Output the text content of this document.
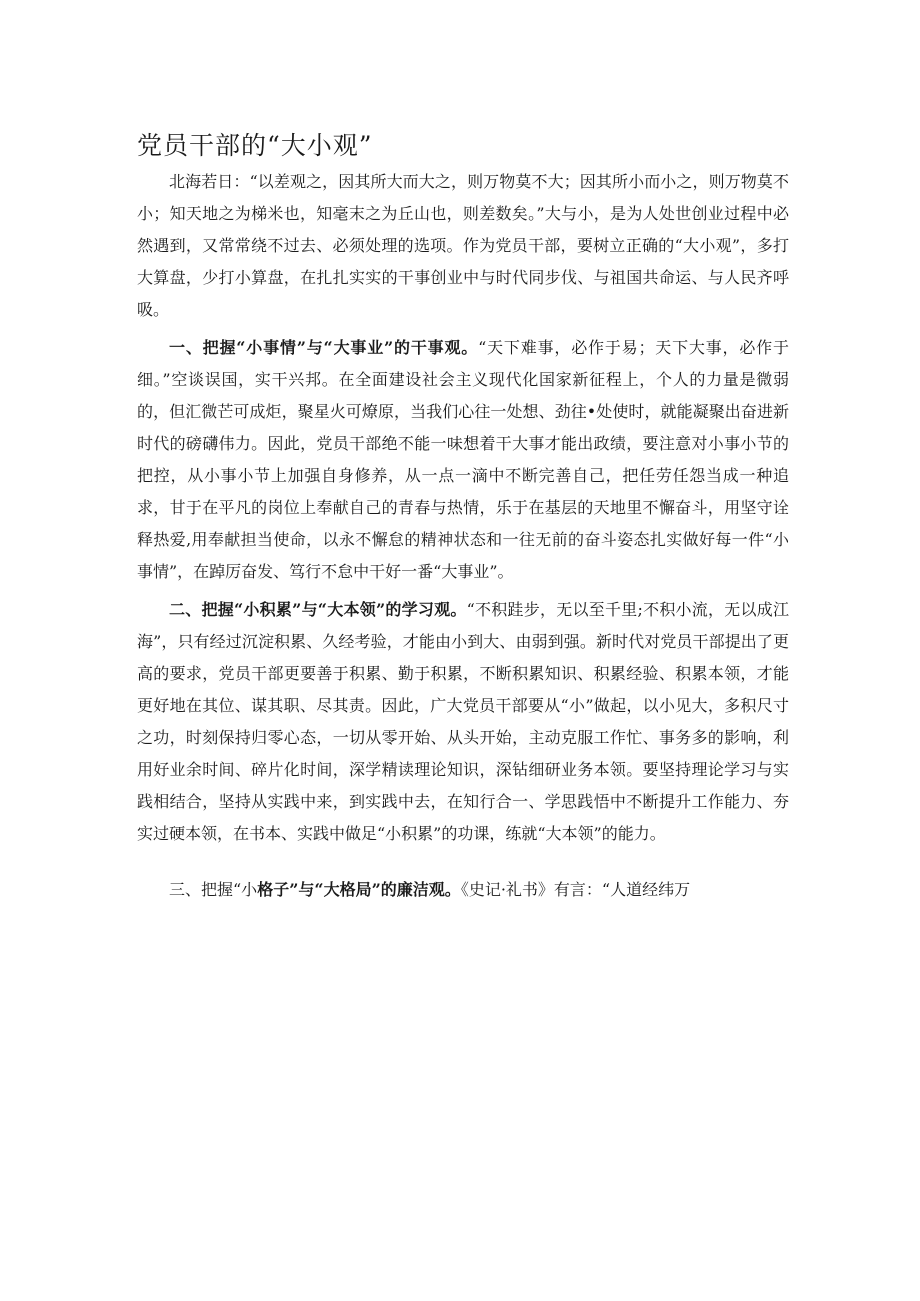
党员干部的“大小观”

北海若日：“以差观之，因其所大而大之，则万物莫不大；因其所小而小之，则万物莫不小；知天地之为梯米也，知毫末之为丘山也，则差数矣。”大与小，是为人处世创业过程中必然遇到，又常常绕不过去、必须处理的选项。作为党员干部，要树立正确的“大小观”，多打大算盘，少打小算盘，在扎扎实实的干事创业中与时代同步伐、与祖国共命运、与人民齐呼吸。

一、把握“小事情”与“大事业”的干事观。“天下难事，必作于易；天下大事，必作于细。”空谈误国，实干兴邦。在全面建设社会主义现代化国家新征程上，个人的力量是微弱的，但汇微芒可成炬，聚星火可燎原，当我们心往一处想、劲往•处使时，就能凝聚出奋进新时代的磅礴伟力。因此，党员干部绝不能一味想着干大事才能出政绩，要注意对小事小节的把控，从小事小节上加强自身修养，从一点一滴中不断完善自己，把任劳任怨当成一种追求，甘于在平凡的岗位上奉献自己的青春与热情，乐于在基层的天地里不懈奋斗，用坚守诠释热爱,用奉献担当使命，以永不懈怠的精神状态和一往无前的奋斗姿态扎实做好每一件“小事情”，在踔厉奋发、笃行不怠中干好一番“大事业”。

二、把握“小积累”与“大本领”的学习观。“不积跬步，无以至千里;不积小流，无以成江海”，只有经过沉淀积累、久经考验，才能由小到大、由弱到强。新时代对党员干部提出了更高的要求，党员干部更要善于积累、勤于积累，不断积累知识、积累经验、积累本领，才能更好地在其位、谋其职、尽其责。因此，广大党员干部要从“小”做起，以小见大，多积尺寸之功，时刻保持归零心态，一切从零开始、从头开始，主动克服工作忙、事务多的影响，利用好业余时间、碎片化时间，深学精读理论知识，深钻细研业务本领。要坚持理论学习与实践相结合，坚持从实践中来，到实践中去，在知行合一、学思践悟中不断提升工作能力、夯实过硬本领，在书本、实践中做足“小积累”的功课，练就“大本领”的能力。

三、把握“小格子”与“大格局”的廉洁观。《史记·礼书》有言：“人道经纬万
